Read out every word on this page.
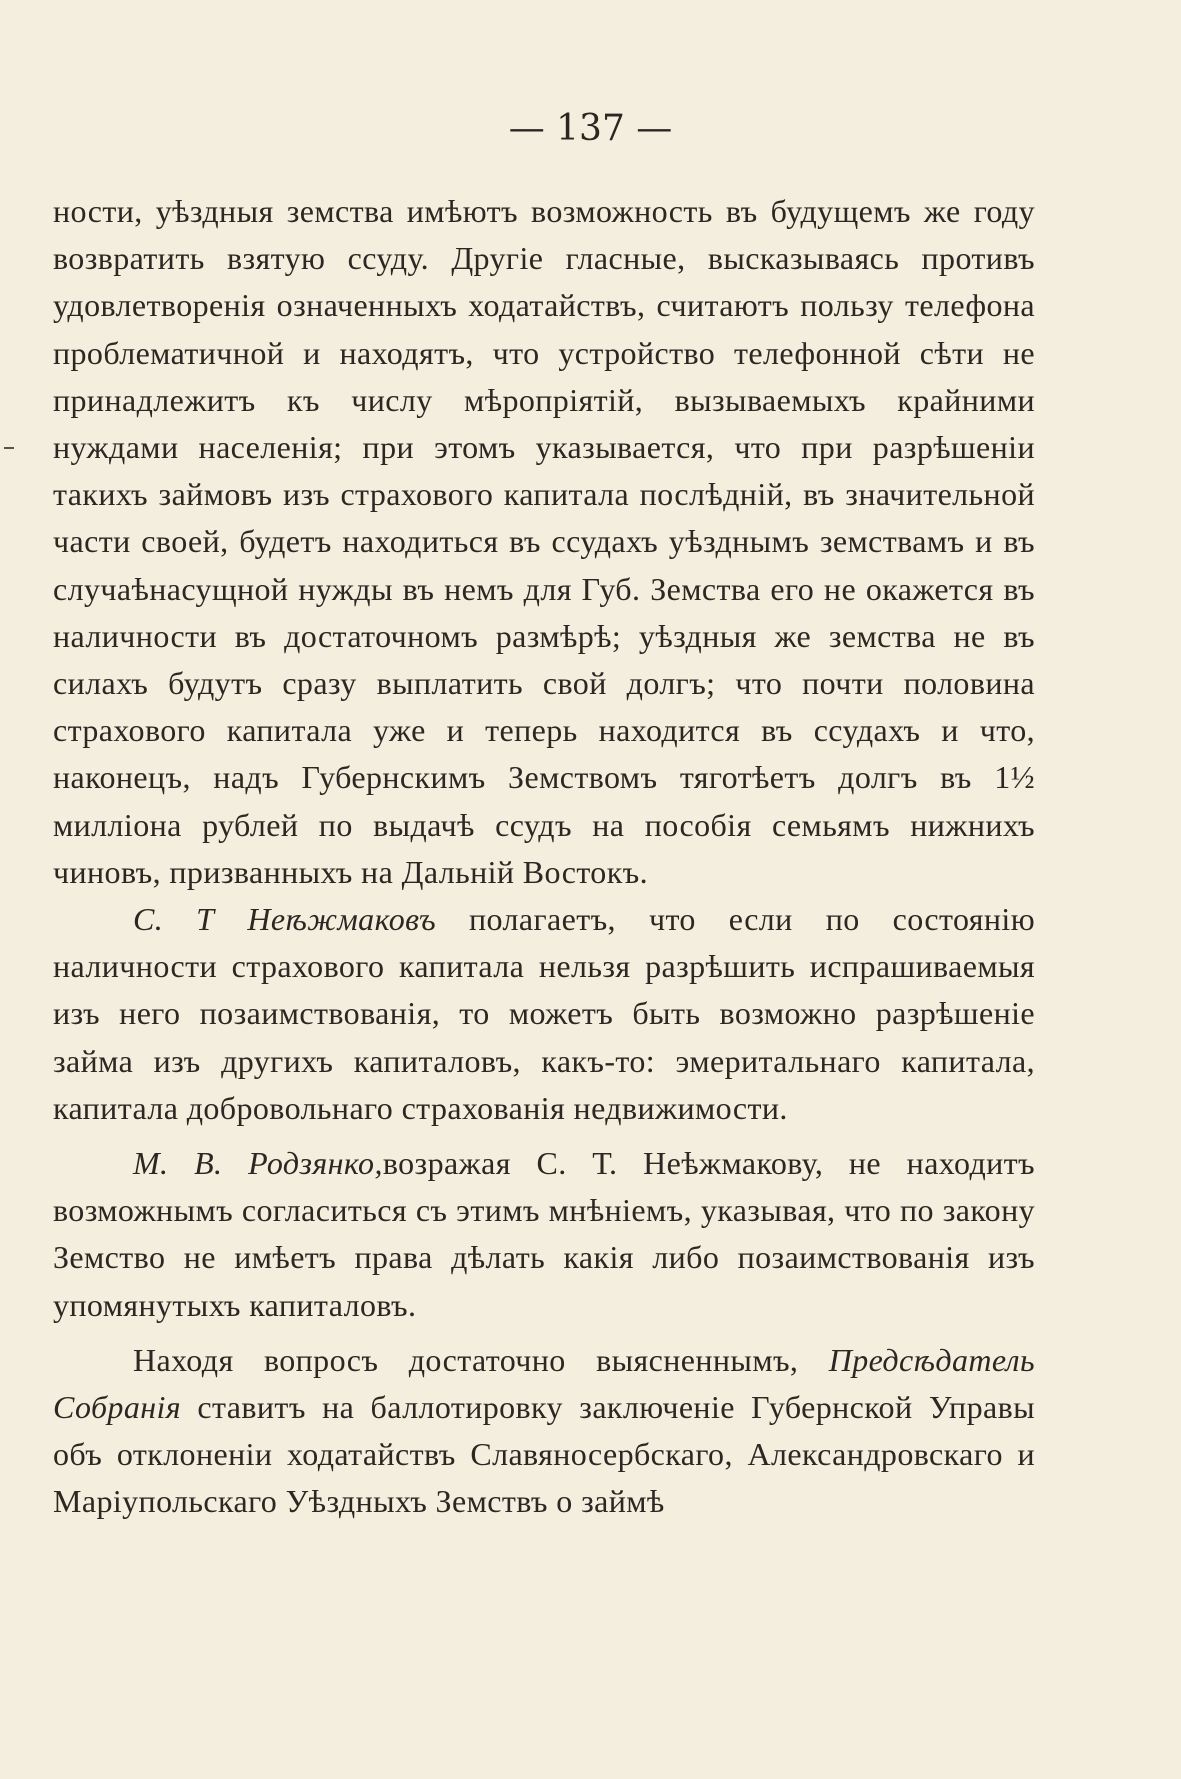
— 137 —

ности, уѣздныя земства имѣютъ возможность въ будущемъ же году возвратить взятую ссуду. Другіе гласные, высказываясь противъ удовлетворенія означенныхъ ходатайствъ, считаютъ пользу телефона проблематичной и находятъ, что устройство телефонной сѣти не принадлежитъ къ числу мѣропріятій, вызываемыхъ крайними нуждами населенія; при этомъ указывается, что при разрѣшеніи такихъ займовъ изъ страхового капитала послѣдній, въ значительной части своей, будетъ находиться въ ссудахъ уѣзднымъ земствамъ и въ случаѣнасущной нужды въ немъ для Губ. Земства его не окажется въ наличности въ достаточномъ размѣрѣ; уѣздныя же земства не въ силахъ будутъ сразу выплатить свой долгъ; что почти половина страхового капитала уже и теперь находится въ ссудахъ и что, наконецъ, надъ Губернскимъ Земствомъ тяготѣетъ долгъ въ 1½ милліона рублей по выдачѣ ссудъ на пособія семьямъ нижнихъ чиновъ, призванныхъ на Дальній Востокъ.

С. Т Неѣжмаковъ полагаетъ, что если по состоянію наличности страхового капитала нельзя разрѣшить испрашиваемыя изъ него позаимствованія, то можетъ быть возможно разрѣшеніе займа изъ другихъ капиталовъ, какъ-то: эмеритальнаго капитала, капитала добровольнаго страхованія недвижимости.

М. В. Родзянко,возражая С. Т. Неѣжмакову, не находитъ возможнымъ согласиться съ этимъ мнѣніемъ, указывая, что по закону Земство не имѣетъ права дѣлать какія либо позаимствованія изъ упомянутыхъ капиталовъ.

Находя вопросъ достаточно выясненнымъ, Предсѣдатель Собранія ставитъ на баллотировку заключеніе Губернской Управы объ отклоненіи ходатайствъ Славяносербскаго, Александровскаго и Маріупольскаго Уѣздныхъ Земствъ о займѣ
